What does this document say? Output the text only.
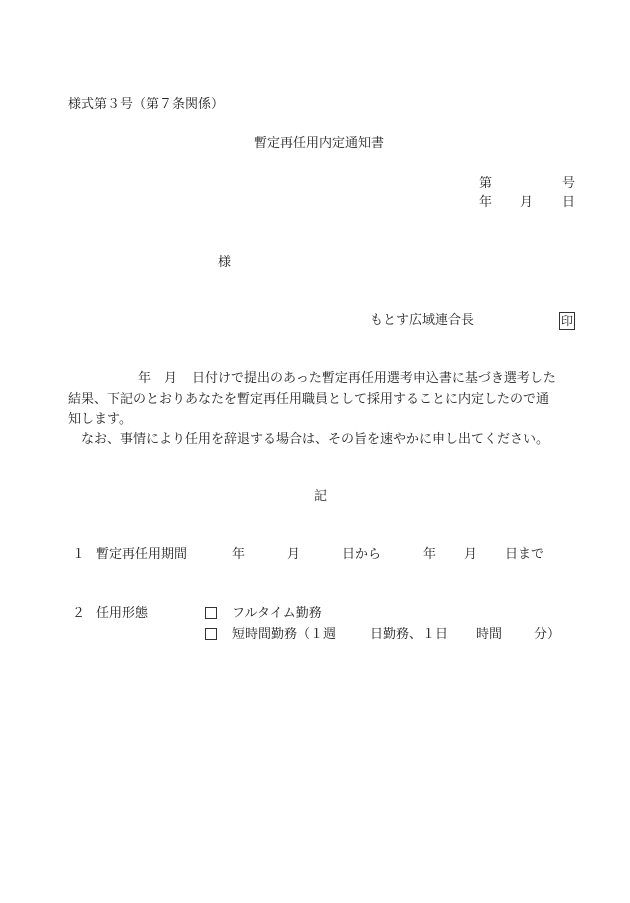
様式第３号（第７条関係）
暫定再任用内定通知書
第	号
年 月 日
様
もとす広域連合長	印
年 月 日付けで提出のあった暫定再任用選考申込書に基づき選考した
結果、下記のとおりあなたを暫定再任用職員として採用することに内定したので通
知します。
なお、事情により任用を辞退する場合は、その旨を速やかに申し出てください。
記
１ 暫定再任用期間	年	月	日から	年 月 日まで
２ 任用形態	フルタイム勤務
短時間勤務（１週	日勤務、１日 時間 分）
